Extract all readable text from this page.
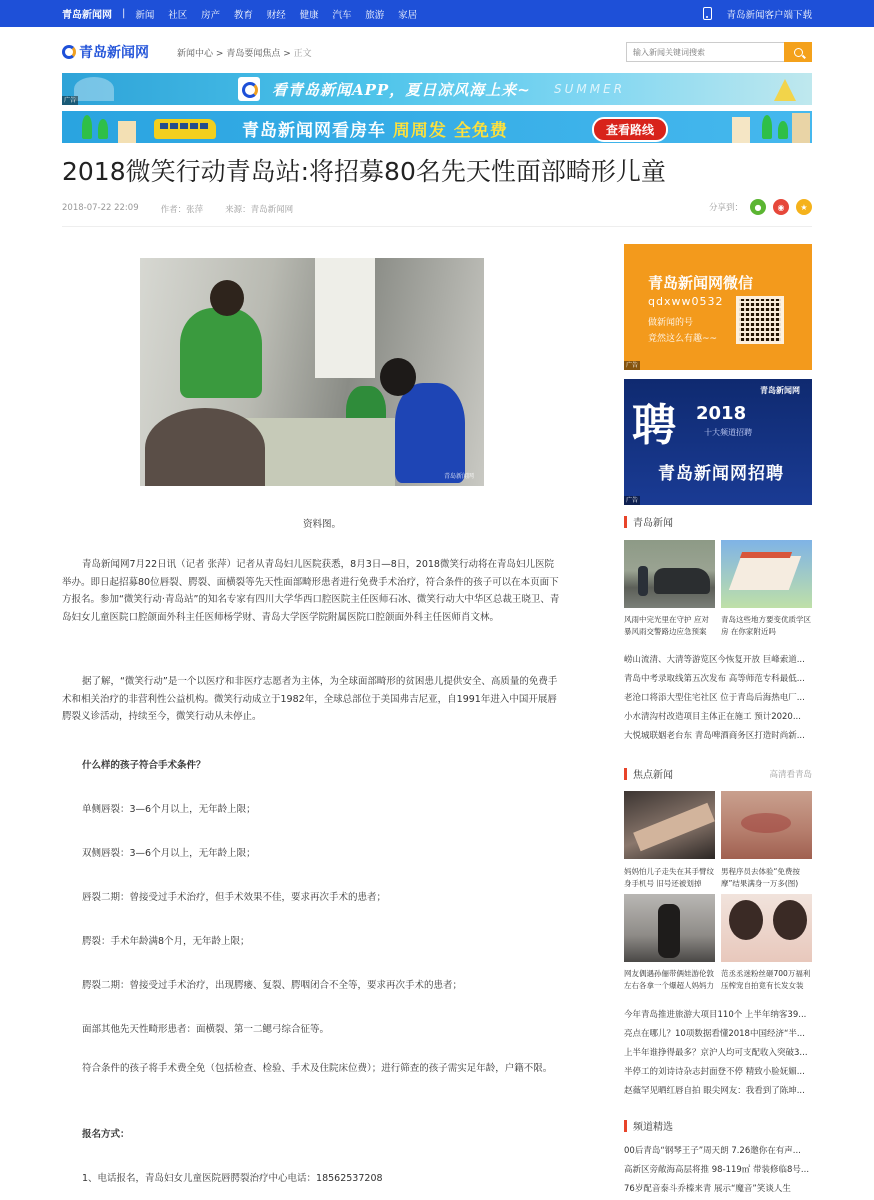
青岛新闻网 | 新闻 社区 房产 教育 财经 健康 汽车 旅游 家居	青岛新闻客户端下载
青岛新闻网	新闻中心 > 青岛要闻焦点 > 正文
输入新闻关键词搜索
看青岛新闻APP，夏日凉风海上来~ SUMMER
广告
青岛新闻网看房车 周周发 全免费	查看路线
2018微笑行动青岛站:将招募80名先天性面部畸形儿童
2018-07-22 22:09	作者：张萍	来源：青岛新闻网	分享到：	●	◉	★
青岛新闻网

资料图。

青岛新闻网7月22日讯（记者 张萍）记者从青岛妇儿医院获悉，8月3日—8日，2018微笑行动将在青岛妇儿医院举办。即日起招募80位唇裂、腭裂、面横裂等先天性面部畸形患者进行免费手术治疗，符合条件的孩子可以在本页面下方报名。参加“微笑行动·青岛站”的知名专家有四川大学华西口腔医院主任医师石冰、微笑行动大中华区总裁王晓卫、青岛妇女儿童医院口腔颌面外科主任医师杨学财、青岛大学医学院附属医院口腔颌面外科主任医师肖文林。

据了解，“微笑行动”是一个以医疗和非医疗志愿者为主体，为全球面部畸形的贫困患儿提供安全、高质量的免费手术和相关治疗的非营利性公益机构。微笑行动成立于1982年，全球总部位于美国弗吉尼亚，自1991年进入中国开展唇腭裂义诊活动，持续至今，微笑行动从未停止。

什么样的孩子符合手术条件？

单侧唇裂：3—6个月以上，无年龄上限；

双侧唇裂：3—6个月以上，无年龄上限；

唇裂二期：曾接受过手术治疗，但手术效果不佳，要求再次手术的患者；

腭裂：手术年龄满8个月，无年龄上限；

腭裂二期：曾接受过手术治疗，出现腭瘘、复裂、腭咽闭合不全等，要求再次手术的患者；

面部其他先天性畸形患者：面横裂、第一二鳃弓综合征等。

符合条件的孩子将手术费全免（包括检查、检验、手术及住院床位费）；进行筛查的孩子需实足年龄，户籍不限。

报名方式：

1、电话报名，青岛妇女儿童医院唇腭裂治疗中心电话：18562537208

青岛新闻网微信
qdxww0532
做新闻的号
竟然这么有趣~~
广告
青岛新闻网
聘 2018
十大频道招聘
青岛新闻网招聘
广告
青岛新闻

风雨中完光里在守护 应对暴风雨交警路边应急预案

青岛这些地方要变优质学区房 在你家附近吗

崂山流清、大清等游览区今恢复开放 巨峰索道...
青岛中考录取线第五次发布 高等师范专科最低...
老沧口将添大型住宅社区 位于青岛后海热电厂...
小水清沟村改造项目主体正在施工 预计2020...
大悦城联姻老台东 青岛啤酒商务区打造时尚新...
焦点新闻	高清看青岛

妈妈怕儿子走失在其手臂纹身手机号 旧号还被划掉

男程序员去体验“免费按摩”结果满身一万多(图)

网友偶遇孙俪带俩娃游伦敦 左右各拿一个爆超人妈妈力

范丞丞迷粉丝砸700万福利 压榨宠自拍竟有长发女装

今年青岛推进旅游大项目110个 上半年纳客39...
亮点在哪儿？10项数据看懂2018中国经济“半...
上半年谁挣得最多？京沪人均可支配收入突破3...
半停工的刘诗诗杂志封面登不停 精致小脸妩媚...
赵薇罕见晒红唇自拍 眼尖网友：我看到了陈坤...
频道精选
00后青岛“钢琴王子”周天朗 7.26邀你在有声...
高新区旁敞海高层将推 98-119㎡ 带装修临8号...
76岁配音泰斗乔榛来青 展示“魔音”笑谈人生
